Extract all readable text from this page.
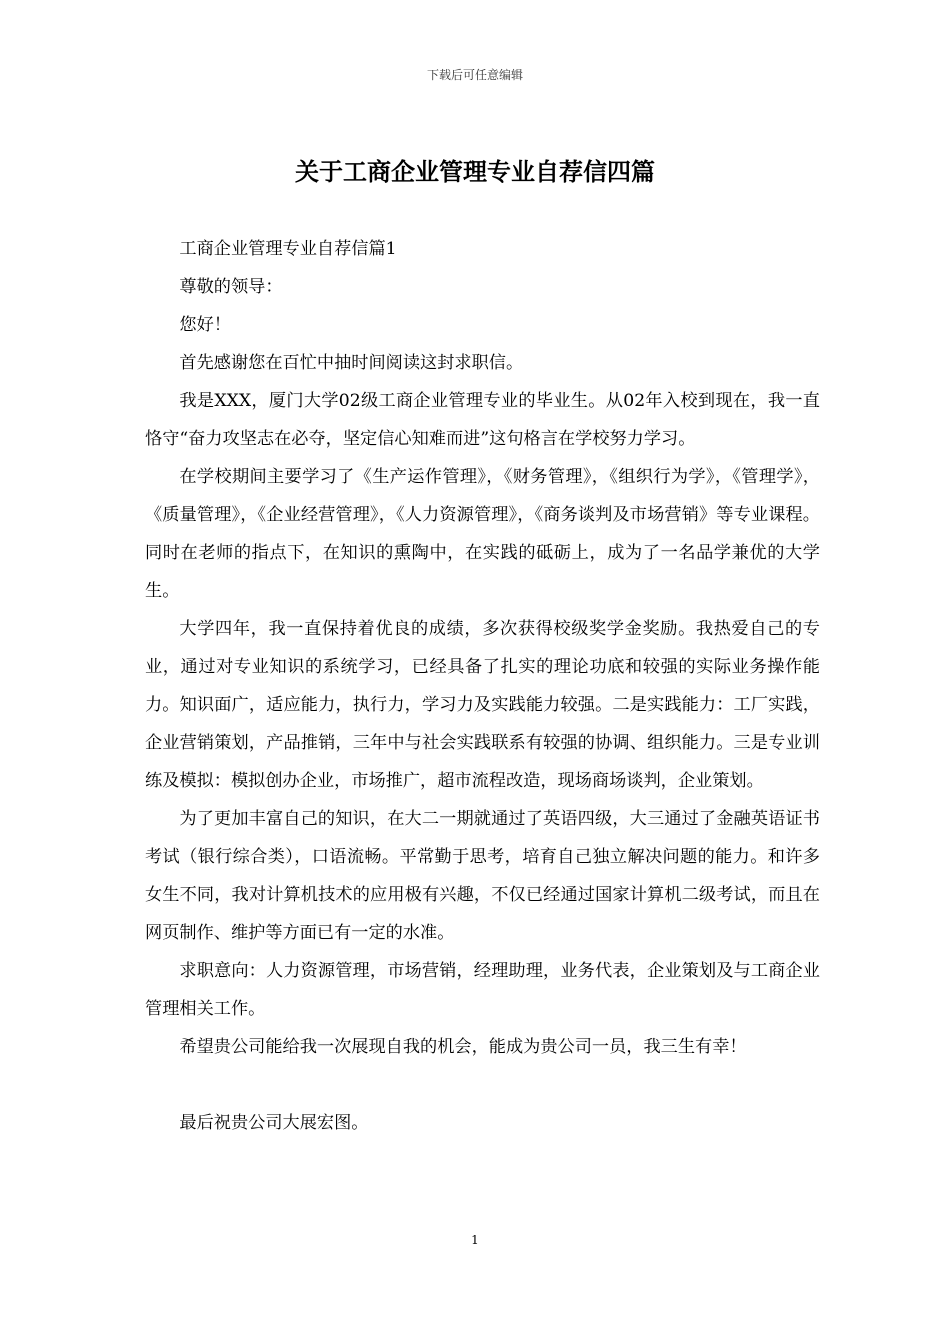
下载后可任意编辑
关于工商企业管理专业自荐信四篇

工商企业管理专业自荐信篇1

尊敬的领导：

您好！

首先感谢您在百忙中抽时间阅读这封求职信。

我是XXX，厦门大学02级工商企业管理专业的毕业生。从02年入校到现在，我一直恪守“奋力攻坚志在必夺，坚定信心知难而进”这句格言在学校努力学习。

在学校期间主要学习了《生产运作管理》，《财务管理》，《组织行为学》，《管理学》，《质量管理》，《企业经营管理》，《人力资源管理》，《商务谈判及市场营销》等专业课程。同时在老师的指点下，在知识的熏陶中，在实践的砥砺上，成为了一名品学兼优的大学生。

大学四年，我一直保持着优良的成绩，多次获得校级奖学金奖励。我热爱自己的专业，通过对专业知识的系统学习，已经具备了扎实的理论功底和较强的实际业务操作能力。知识面广，适应能力，执行力，学习力及实践能力较强。二是实践能力：工厂实践，企业营销策划，产品推销，三年中与社会实践联系有较强的协调、组织能力。三是专业训练及模拟：模拟创办企业，市场推广，超市流程改造，现场商场谈判，企业策划。

为了更加丰富自己的知识，在大二一期就通过了英语四级，大三通过了金融英语证书考试（银行综合类），口语流畅。平常勤于思考，培育自己独立解决问题的能力。和许多女生不同，我对计算机技术的应用极有兴趣，不仅已经通过国家计算机二级考试，而且在网页制作、维护等方面已有一定的水准。

求职意向：人力资源管理，市场营销，经理助理，业务代表，企业策划及与工商企业管理相关工作。

希望贵公司能给我一次展现自我的机会，能成为贵公司一员，我三生有幸！

最后祝贵公司大展宏图。

1
